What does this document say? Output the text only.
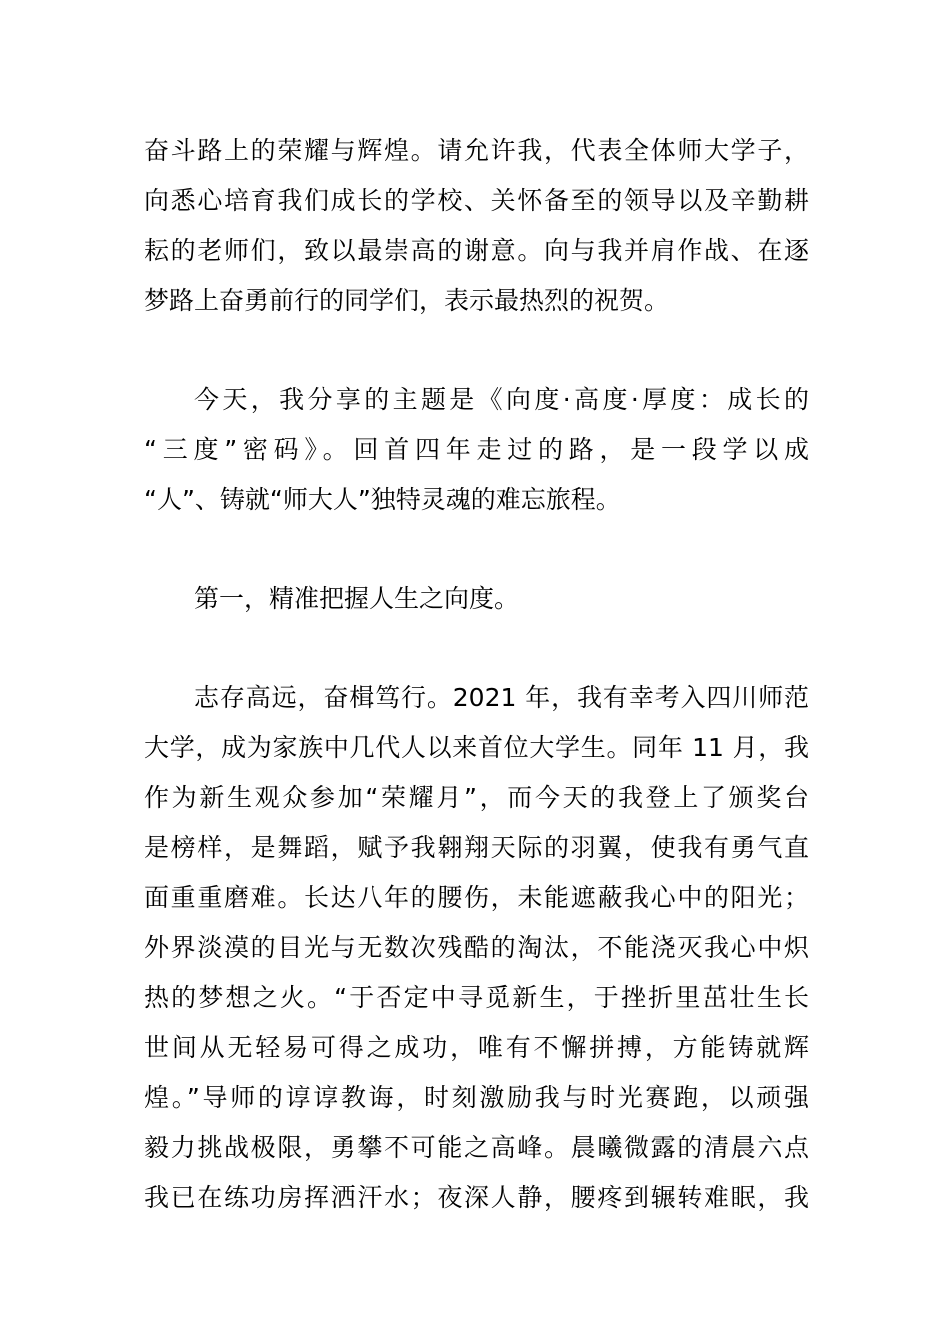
奋斗路上的荣耀与辉煌。请允许我，代表全体师大学子，
向悉心培育我们成长的学校、关怀备至的领导以及辛勤耕
耘的老师们，致以最崇高的谢意。向与我并肩作战、在逐
梦路上奋勇前行的同学们，表示最热烈的祝贺。
今天，我分享的主题是《向度·高度·厚度：成长的
“三度”密码》。回首四年走过的路，是一段学以成
“人”、铸就“师大人”独特灵魂的难忘旅程。
第一，精准把握人生之向度。
志存高远，奋楫笃行。2021 年，我有幸考入四川师范
大学，成为家族中几代人以来首位大学生。同年 11 月，我
作为新生观众参加“荣耀月”，而今天的我登上了颁奖台
是榜样，是舞蹈，赋予我翱翔天际的羽翼，使我有勇气直
面重重磨难。长达八年的腰伤，未能遮蔽我心中的阳光；
外界淡漠的目光与无数次残酷的淘汰，不能浇灭我心中炽
热的梦想之火。“于否定中寻觅新生，于挫折里茁壮生长
世间从无轻易可得之成功，唯有不懈拼搏，方能铸就辉
煌。”导师的谆谆教诲，时刻激励我与时光赛跑，以顽强
毅力挑战极限，勇攀不可能之高峰。晨曦微露的清晨六点
我已在练功房挥洒汗水；夜深人静，腰疼到辗转难眠，我
